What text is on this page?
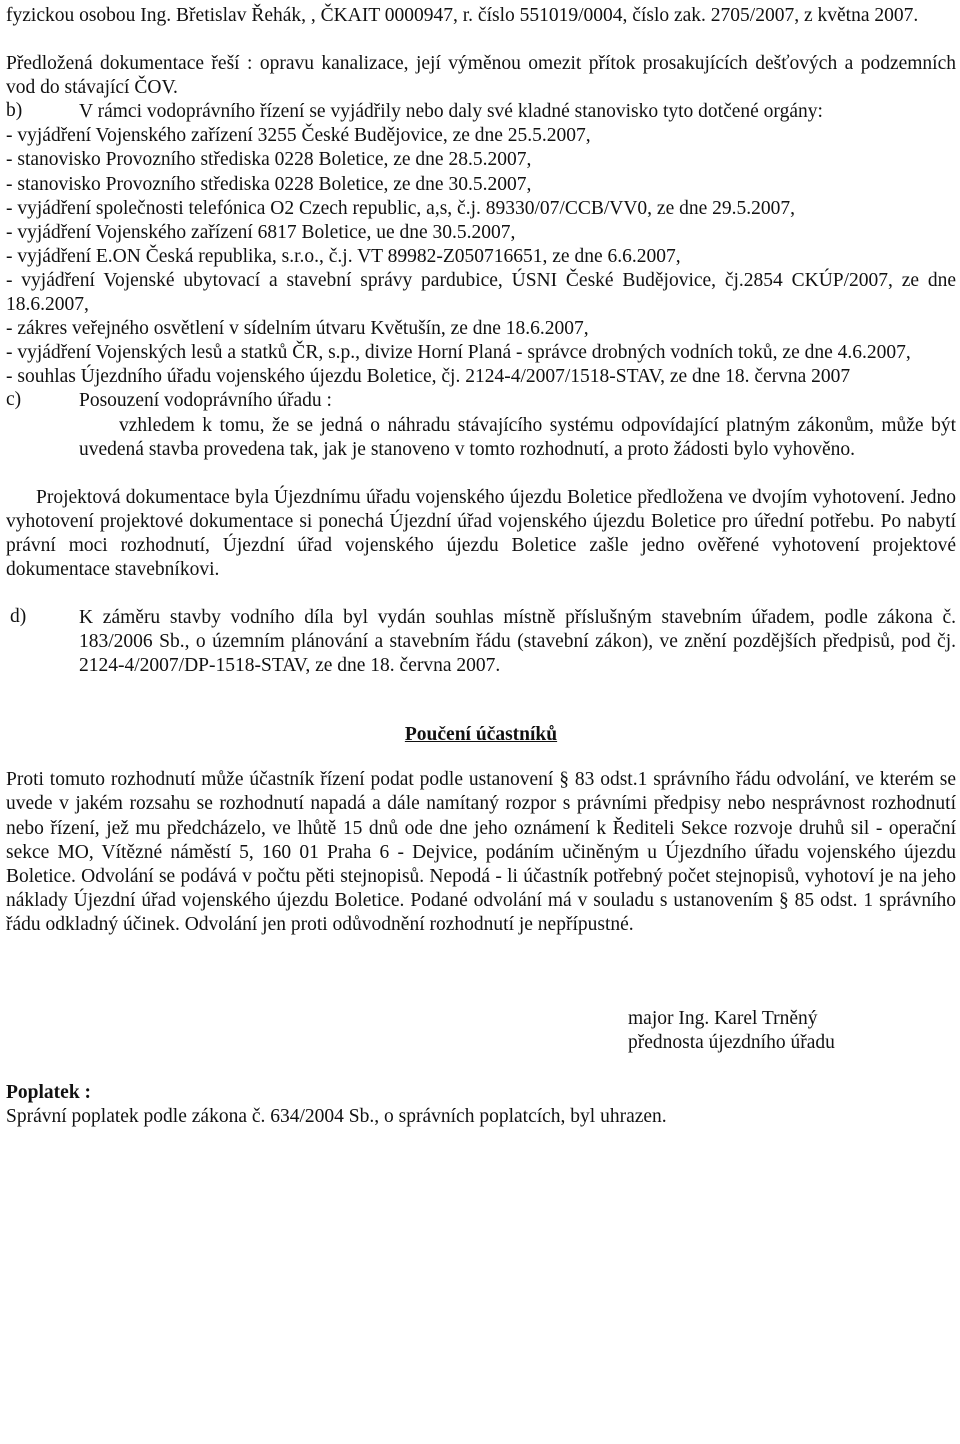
fyzickou osobou Ing. Břetislav Řehák, , ČKAIT 0000947, r. číslo 551019/0004, číslo zak. 2705/2007, z května 2007.

Předložená dokumentace řeší : opravu kanalizace, její výměnou omezit přítok prosakujících dešťových a podzemních vod do stávající ČOV.

b)	V rámci vodoprávního řízení se vyjádřily nebo daly své kladné stanovisko tyto dotčené orgány:

- vyjádření Vojenského zařízení 3255 České Budějovice, ze dne 25.5.2007,

- stanovisko Provozního střediska 0228 Boletice, ze dne 28.5.2007,

- stanovisko Provozního střediska 0228 Boletice, ze dne 30.5.2007,

- vyjádření společnosti telefónica O2 Czech republic, a,s, č.j. 89330/07/CCB/VV0, ze dne 29.5.2007,

- vyjádření Vojenského zařízení 6817 Boletice, ue dne 30.5.2007,

- vyjádření E.ON Česká republika, s.r.o., č.j. VT 89982-Z050716651, ze dne 6.6.2007,

- vyjádření Vojenské ubytovací a stavební správy pardubice, ÚSNI České Budějovice, čj.2854 CKÚP/2007, ze dne 18.6.2007,

- zákres veřejného osvětlení v sídelním útvaru Květušín, ze dne 18.6.2007,

- vyjádření Vojenských lesů a statků ČR, s.p., divize Horní Planá - správce drobných vodních toků, ze dne 4.6.2007,

- souhlas Újezdního úřadu vojenského újezdu Boletice, čj. 2124-4/2007/1518-STAV, ze dne 18. června 2007

c)	Posouzení vodoprávního úřadu :

vzhledem k tomu, že se jedná o náhradu stávajícího systému odpovídající platným zákonům, může být uvedená stavba provedena tak, jak je stanoveno v tomto rozhodnutí, a proto žádosti bylo vyhověno.

Projektová dokumentace byla Újezdnímu úřadu vojenského újezdu Boletice předložena ve dvojím vyhotovení. Jedno vyhotovení projektové dokumentace si ponechá Újezdní úřad vojenského újezdu Boletice pro úřední potřebu. Po nabytí právní moci rozhodnutí, Újezdní úřad vojenského újezdu Boletice zašle jedno ověřené vyhotovení projektové dokumentace stavebníkovi.

d)	K záměru stavby vodního díla byl vydán souhlas místně příslušným stavebním úřadem, podle zákona č. 183/2006 Sb., o územním plánování a stavebním řádu (stavební zákon), ve znění pozdějších předpisů, pod čj. 2124-4/2007/DP-1518-STAV, ze dne 18. června 2007.

Poučení účastníků

Proti tomuto rozhodnutí může účastník řízení podat podle ustanovení § 83 odst.1 správního řádu odvolání, ve kterém se uvede v jakém rozsahu se rozhodnutí napadá a dále namítaný rozpor s právními předpisy nebo nesprávnost rozhodnutí nebo řízení, jež mu předcházelo, ve lhůtě 15 dnů ode dne jeho oznámení k Řediteli Sekce rozvoje druhů sil - operační sekce MO, Vítězné náměstí 5, 160 01 Praha 6 - Dejvice, podáním učiněným u Újezdního úřadu vojenského újezdu Boletice. Odvolání se podává v počtu pěti stejnopisů. Nepodá - li účastník potřebný počet stejnopisů, vyhotoví je na jeho náklady Újezdní úřad vojenského újezdu Boletice. Podané odvolání má v souladu s ustanovením § 85 odst. 1 správního řádu odkladný účinek. Odvolání jen proti odůvodnění rozhodnutí je nepřípustné.

major Ing. Karel Trněný

přednosta újezdního úřadu

Poplatek :

Správní poplatek podle zákona č. 634/2004 Sb., o správních poplatcích, byl uhrazen.
